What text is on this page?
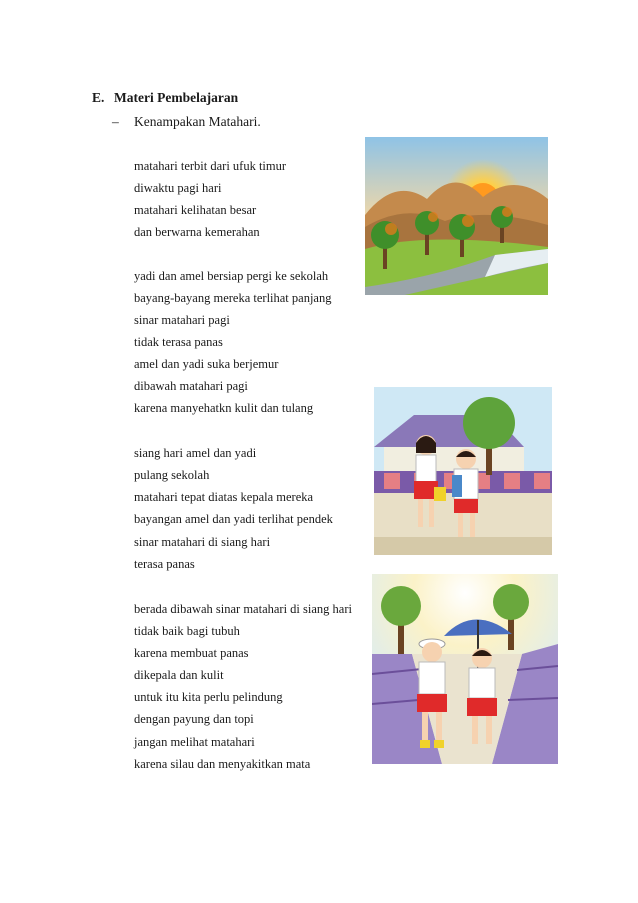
E. Materi Pembelajaran
– Kenampakan Matahari.
matahari terbit dari ufuk timur
diwaktu pagi hari
matahari kelihatan besar
dan berwarna kemerahan
yadi dan amel bersiap pergi ke sekolah
bayang-bayang mereka terlihat panjang
sinar matahari pagi
tidak terasa panas
amel dan yadi suka berjemur
dibawah matahari pagi
karena manyehatkn kulit dan tulang
siang hari amel dan yadi
pulang sekolah
matahari tepat diatas kepala mereka
bayangan amel dan yadi terlihat pendek
sinar matahari di siang hari
terasa panas
berada dibawah sinar matahari di siang hari
tidak baik bagi tubuh
karena membuat panas
dikepala dan kulit
untuk itu kita perlu pelindung
dengan payung dan topi
jangan melihat matahari
karena silau dan menyakitkan mata
